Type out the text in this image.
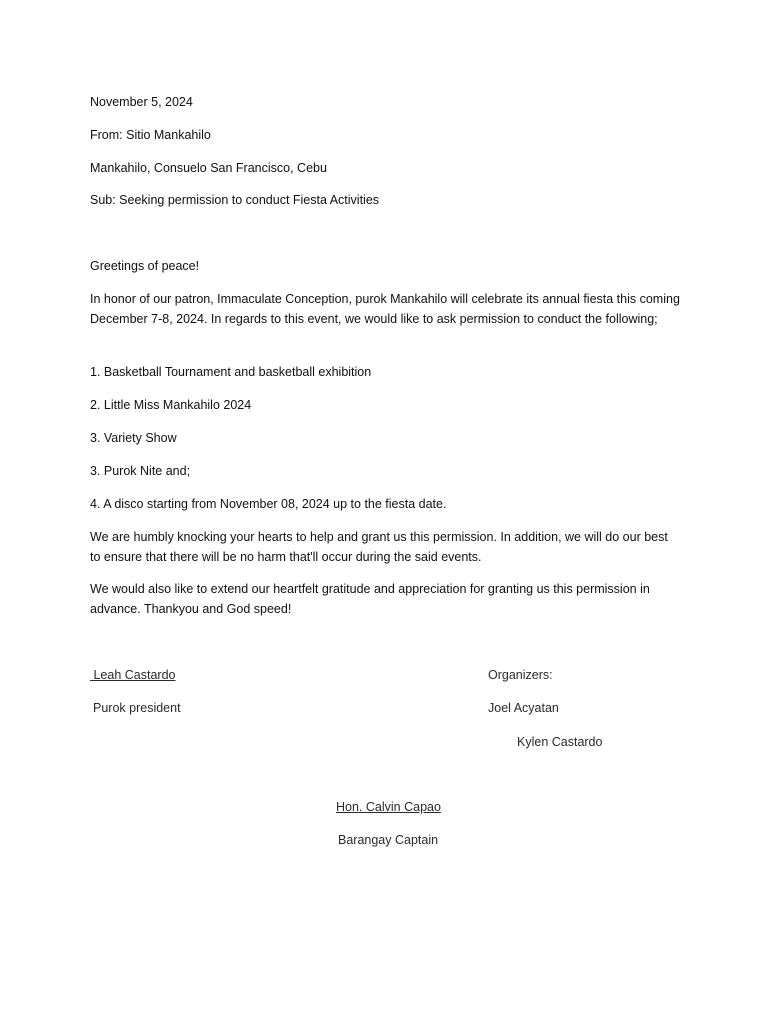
November 5, 2024
From: Sitio Mankahilo
Mankahilo, Consuelo San Francisco, Cebu
Sub: Seeking permission to conduct Fiesta Activities
Greetings of peace!
In honor of our patron, Immaculate Conception, purok Mankahilo will celebrate its annual fiesta this coming December 7-8, 2024. In regards to this event, we would like to ask permission to conduct the following;
1. Basketball Tournament and basketball exhibition
2. Little Miss Mankahilo 2024
3. Variety Show
3. Purok Nite and;
4. A disco starting from November 08, 2024 up to the fiesta date.
We are humbly knocking your hearts to help and grant us this permission. In addition, we will do our best to ensure that there will be no harm that'll occur during the said events.
We would also like to extend our heartfelt gratitude and appreciation for granting us this permission in advance. Thankyou and God speed!
Leah Castardo
Purok president
Organizers:
Joel Acyatan
Kylen Castardo
Hon. Calvin Capao
Barangay Captain
